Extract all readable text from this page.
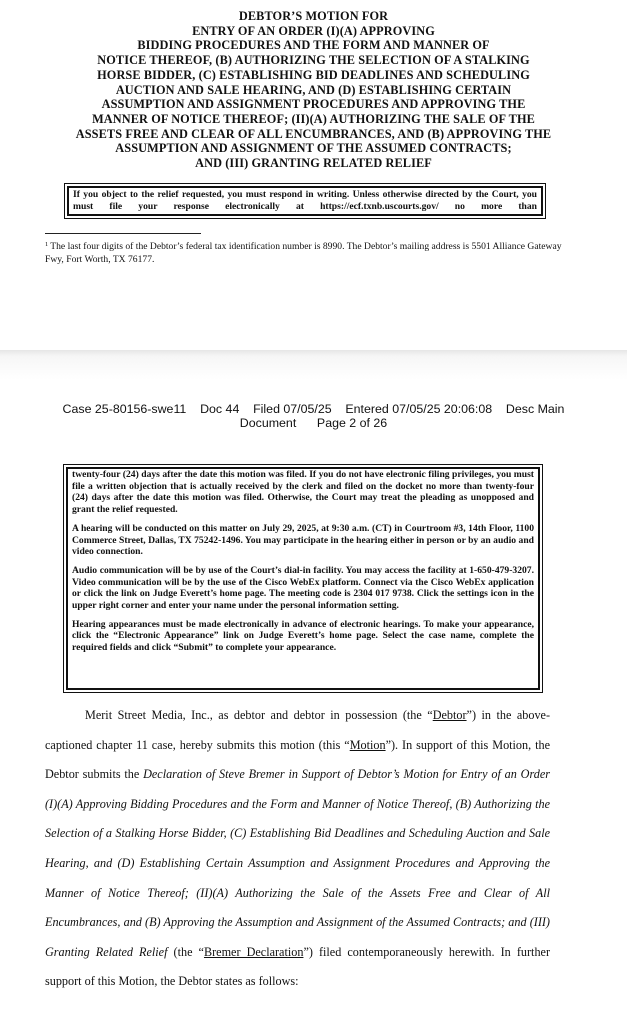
DEBTOR’S MOTION FOR
ENTRY OF AN ORDER (I)(A) APPROVING
BIDDING PROCEDURES AND THE FORM AND MANNER OF
NOTICE THEREOF, (B) AUTHORIZING THE SELECTION OF A STALKING
HORSE BIDDER, (C) ESTABLISHING BID DEADLINES AND SCHEDULING
AUCTION AND SALE HEARING, AND (D) ESTABLISHING CERTAIN
ASSUMPTION AND ASSIGNMENT PROCEDURES AND APPROVING THE
MANNER OF NOTICE THEREOF; (II)(A) AUTHORIZING THE SALE OF THE
ASSETS FREE AND CLEAR OF ALL ENCUMBRANCES, AND (B) APPROVING THE
ASSUMPTION AND ASSIGNMENT OF THE ASSUMED CONTRACTS;
AND (III) GRANTING RELATED RELIEF
If you object to the relief requested, you must respond in writing. Unless otherwise directed by the Court, you must file your response electronically at https://ecf.txnb.uscourts.gov/ no more than
$^1$ The last four digits of the Debtor’s federal tax identification number is 8990. The Debtor’s mailing address is 5501 Alliance Gateway Fwy, Fort Worth, TX 76177.
Case 25-80156-swe11    Doc 44    Filed 07/05/25    Entered 07/05/25 20:06:08    Desc Main
Document      Page 2 of 26

twenty-four (24) days after the date this motion was filed. If you do not have electronic filing privileges, you must file a written objection that is actually received by the clerk and filed on the docket no more than twenty-four (24) days after the date this motion was filed. Otherwise, the Court may treat the pleading as unopposed and grant the relief requested.

A hearing will be conducted on this matter on July 29, 2025, at 9:30 a.m. (CT) in Courtroom #3, 14th Floor, 1100 Commerce Street, Dallas, TX 75242-1496. You may participate in the hearing either in person or by an audio and video connection.

Audio communication will be by use of the Court’s dial-in facility. You may access the facility at 1-650-479-3207. Video communication will be by the use of the Cisco WebEx platform. Connect via the Cisco WebEx application or click the link on Judge Everett’s home page. The meeting code is 2304 017 9738. Click the settings icon in the upper right corner and enter your name under the personal information setting.

Hearing appearances must be made electronically in advance of electronic hearings. To make your appearance, click the “Electronic Appearance” link on Judge Everett’s home page. Select the case name, complete the required fields and click “Submit” to complete your appearance.

Merit Street Media, Inc., as debtor and debtor in possession (the “Debtor”) in the above-captioned chapter 11 case, hereby submits this motion (this “Motion”). In support of this Motion, the Debtor submits the Declaration of Steve Bremer in Support of Debtor’s Motion for Entry of an Order (I)(A) Approving Bidding Procedures and the Form and Manner of Notice Thereof, (B) Authorizing the Selection of a Stalking Horse Bidder, (C) Establishing Bid Deadlines and Scheduling Auction and Sale Hearing, and (D) Establishing Certain Assumption and Assignment Procedures and Approving the Manner of Notice Thereof; (II)(A) Authorizing the Sale of the Assets Free and Clear of All Encumbrances, and (B) Approving the Assumption and Assignment of the Assumed Contracts; and (III) Granting Related Relief (the “Bremer Declaration”) filed contemporaneously herewith. In further support of this Motion, the Debtor states as follows:
